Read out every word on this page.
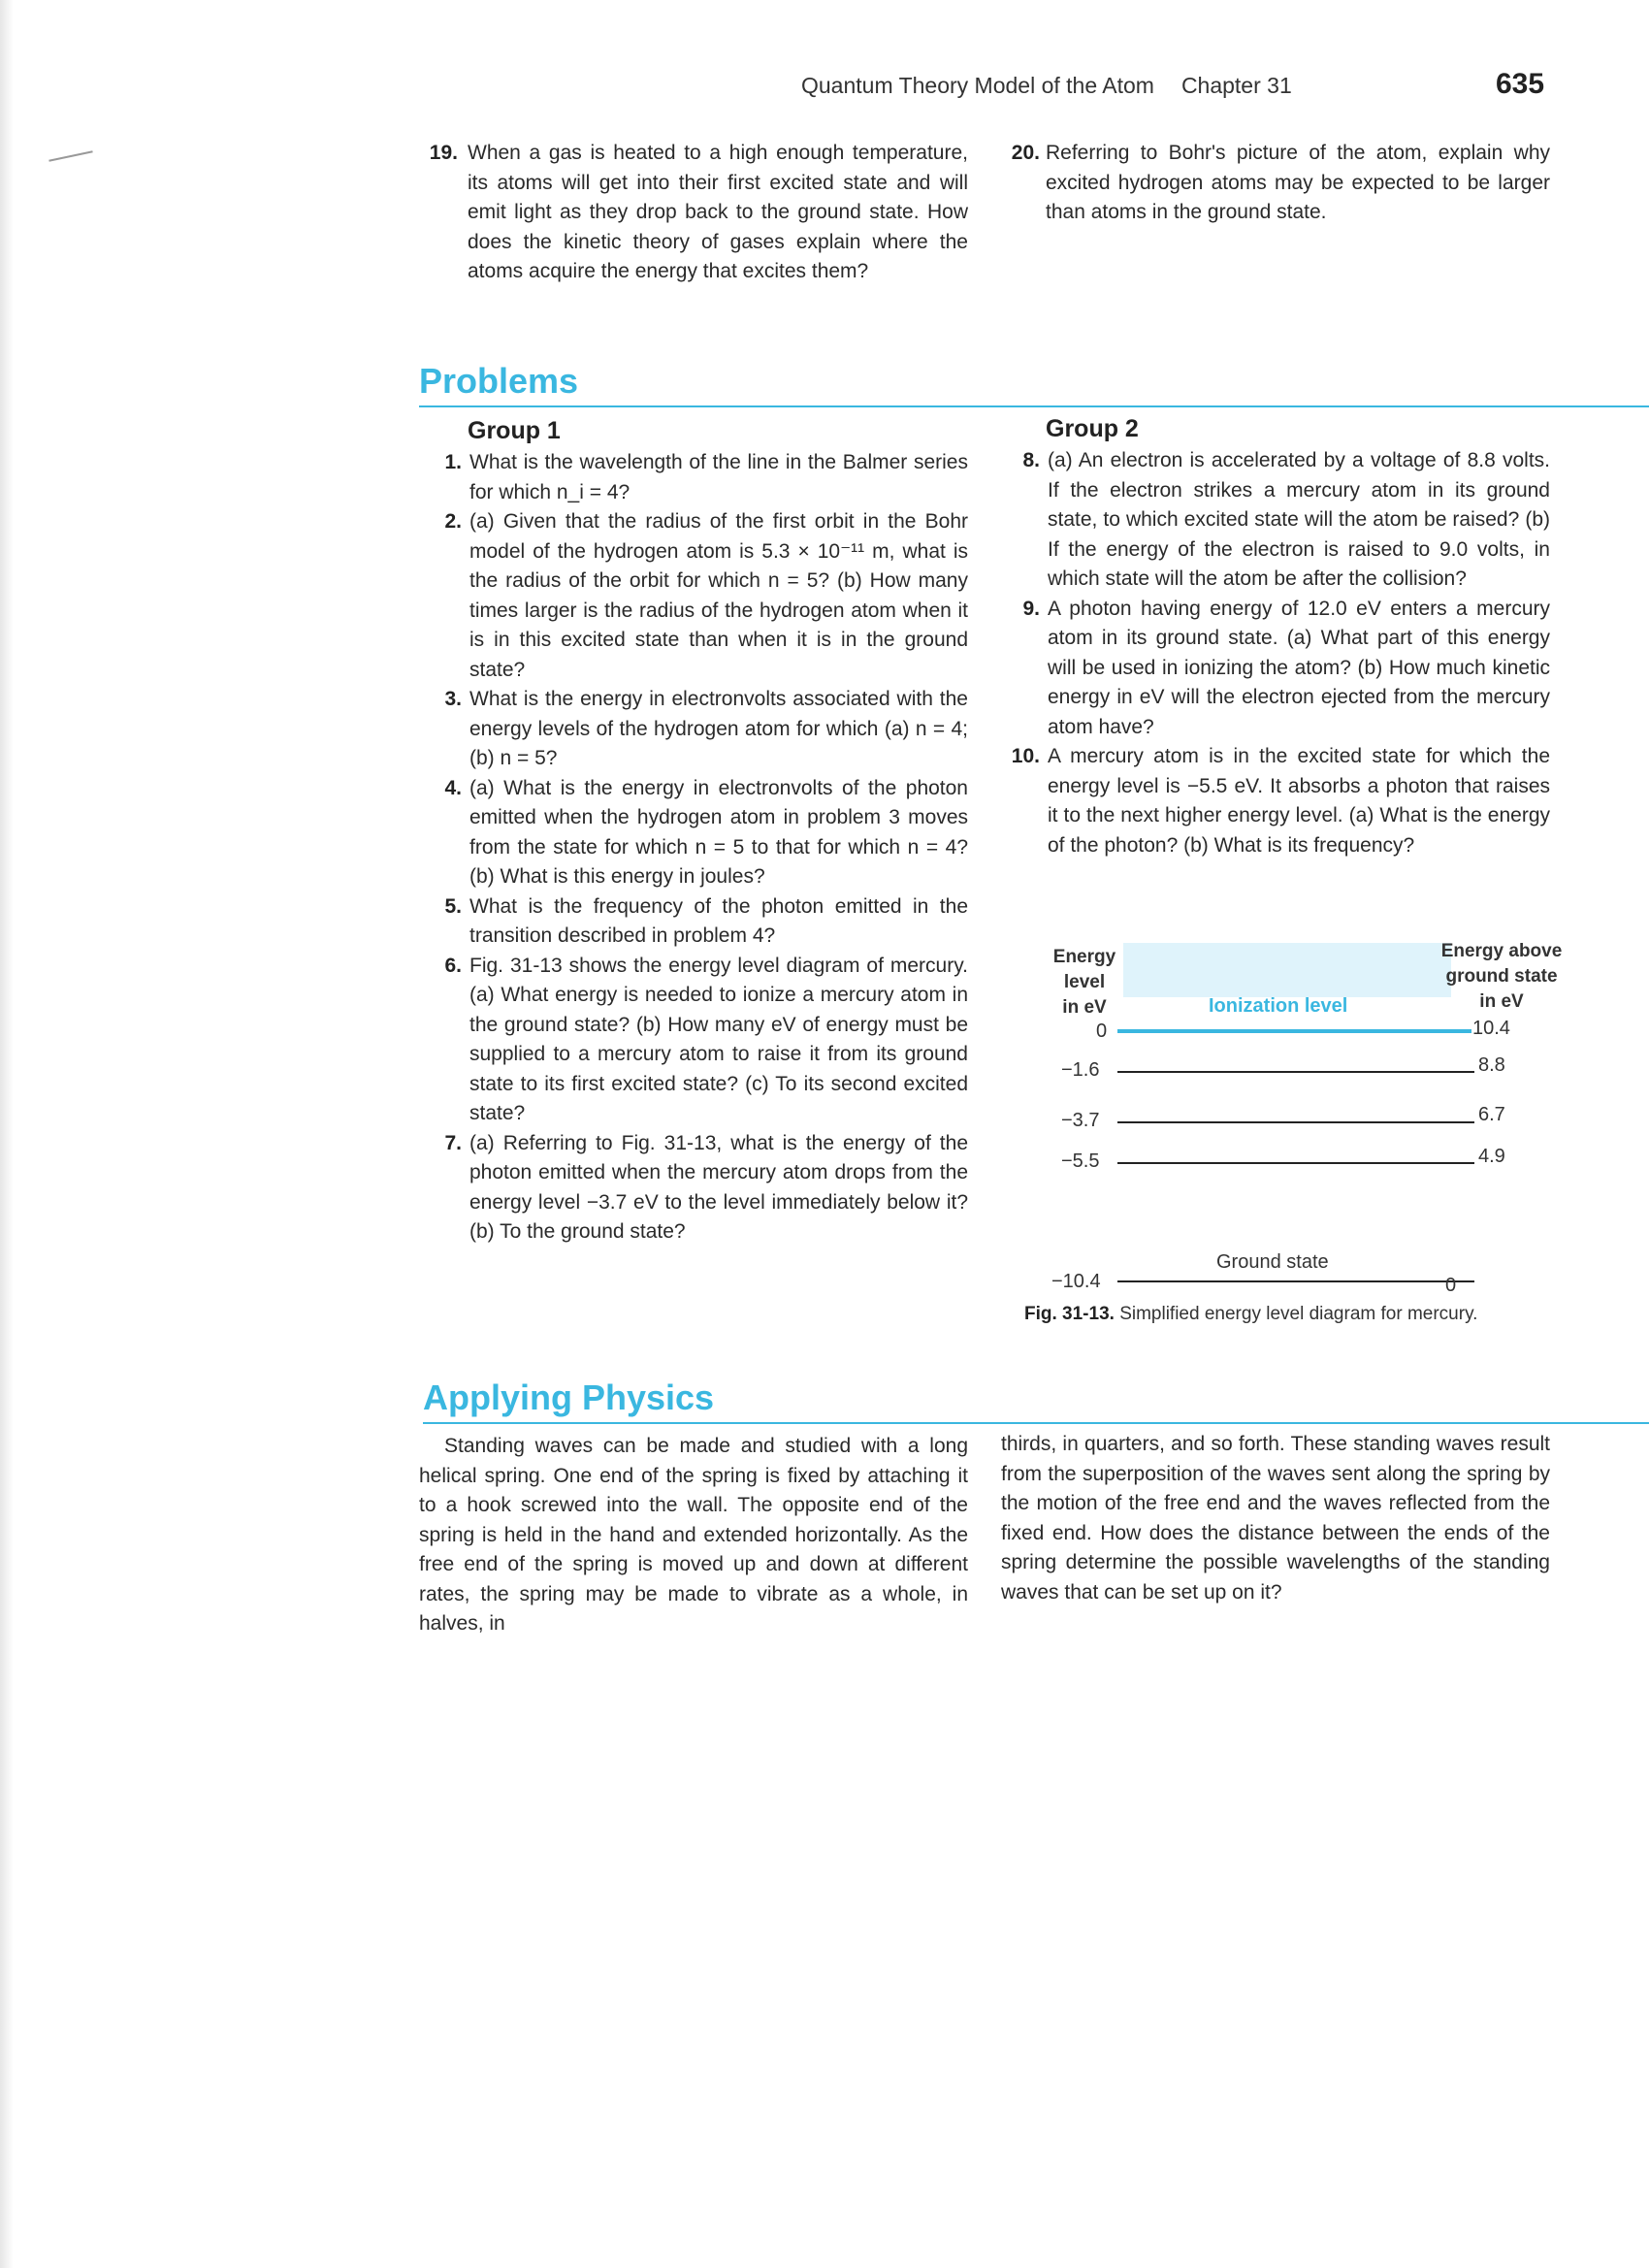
Quantum Theory Model of the Atom Chapter 31	635

19. When a gas is heated to a high enough temperature, its atoms will get into their first excited state and will emit light as they drop back to the ground state. How does the kinetic theory of gases explain where the atoms acquire the energy that excites them?

20. Referring to Bohr's picture of the atom, explain why excited hydrogen atoms may be expected to be larger than atoms in the ground state.

Problems
Group 1

1. What is the wavelength of the line in the Balmer series for which n_i = 4?

2. (a) Given that the radius of the first orbit in the Bohr model of the hydrogen atom is 5.3 × 10⁻¹¹ m, what is the radius of the orbit for which n = 5? (b) How many times larger is the radius of the hydrogen atom when it is in this excited state than when it is in the ground state?

3. What is the energy in electronvolts associated with the energy levels of the hydrogen atom for which (a) n = 4; (b) n = 5?

4. (a) What is the energy in electronvolts of the photon emitted when the hydrogen atom in problem 3 moves from the state for which n = 5 to that for which n = 4? (b) What is this energy in joules?

5. What is the frequency of the photon emitted in the transition described in problem 4?

6. Fig. 31-13 shows the energy level diagram of mercury. (a) What energy is needed to ionize a mercury atom in the ground state? (b) How many eV of energy must be supplied to a mercury atom to raise it from its ground state to its first excited state? (c) To its second excited state?

7. (a) Referring to Fig. 31-13, what is the energy of the photon emitted when the mercury atom drops from the energy level −3.7 eV to the level immediately below it? (b) To the ground state?

Group 2

8. (a) An electron is accelerated by a voltage of 8.8 volts. If the electron strikes a mercury atom in its ground state, to which excited state will the atom be raised? (b) If the energy of the electron is raised to 9.0 volts, in which state will the atom be after the collision?

9. A photon having energy of 12.0 eV enters a mercury atom in its ground state. (a) What part of this energy will be used in ionizing the atom? (b) How much kinetic energy in eV will the electron ejected from the mercury atom have?

10. A mercury atom is in the excited state for which the energy level is −5.5 eV. It absorbs a photon that raises it to the next higher energy level. (a) What is the energy of the photon? (b) What is its frequency?

Energy
level
in eV
Energy above
ground state
in eV
Ionization level
0	10.4
−1.6	8.8
−3.7	6.7
−5.5	4.9
Ground state
−10.4	0
Fig. 31-13. Simplified energy level diagram for mercury.
Applying Physics
Standing waves can be made and studied with a long helical spring. One end of the spring is fixed by attaching it to a hook screwed into the wall. The opposite end of the spring is held in the hand and extended horizontally. As the free end of the spring is moved up and down at different rates, the spring may be made to vibrate as a whole, in halves, in
thirds, in quarters, and so forth. These standing waves result from the superposition of the waves sent along the spring by the motion of the free end and the waves reflected from the fixed end. How does the distance between the ends of the spring determine the possible wavelengths of the standing waves that can be set up on it?
